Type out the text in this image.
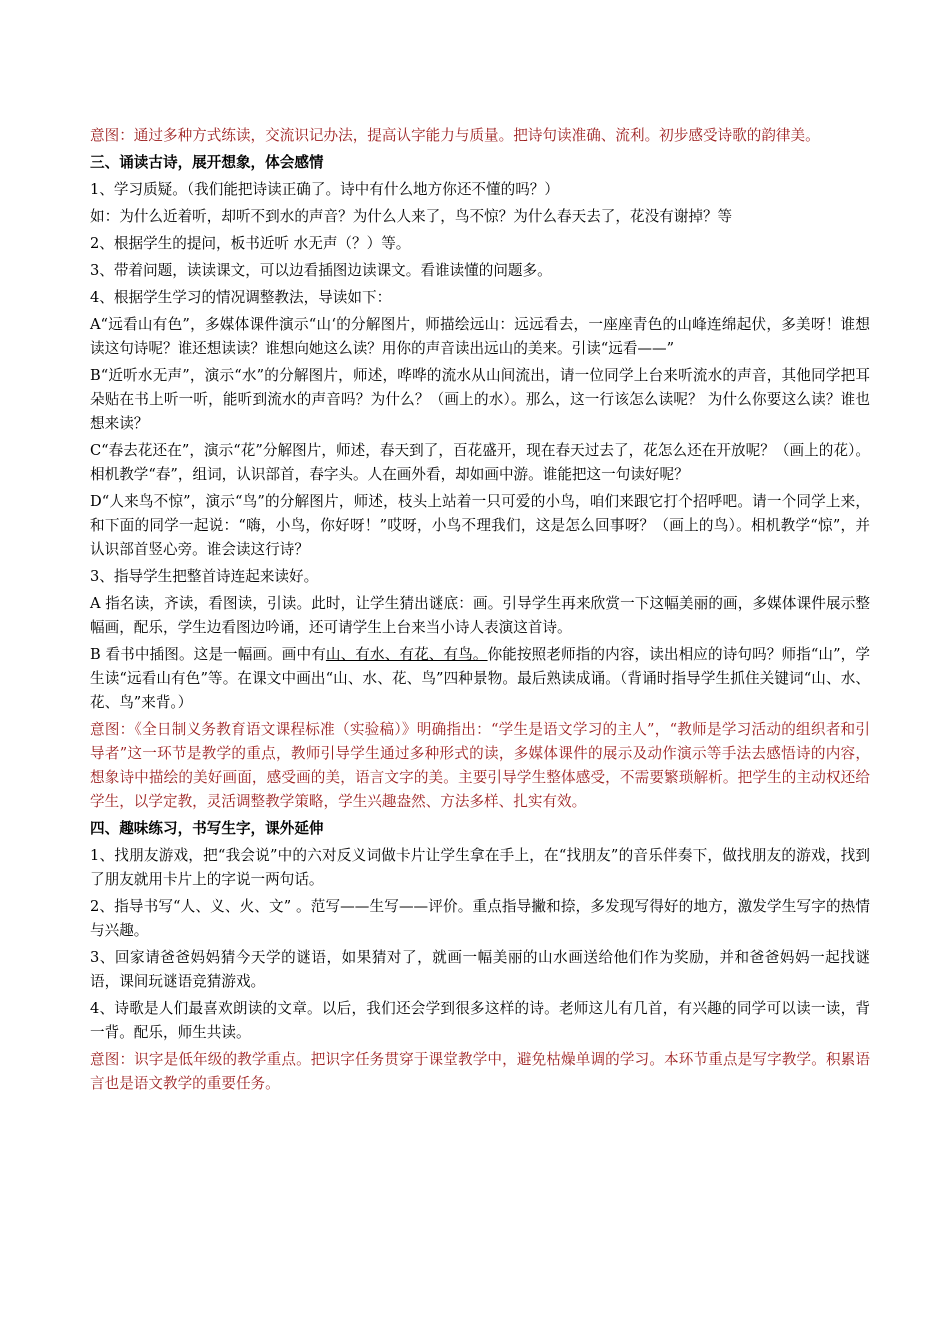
意图：通过多种方式练读，交流识记办法，提高认字能力与质量。把诗句读准确、流利。初步感受诗歌的韵律美。

三、诵读古诗，展开想象，体会感情

1、学习质疑。（我们能把诗读正确了。诗中有什么地方你还不懂的吗？）

如：为什么近着听，却听不到水的声音？为什么人来了，鸟不惊？为什么春天去了，花没有谢掉？等

2、根据学生的提问，板书近听 水无声（？）等。

3、带着问题，读读课文，可以边看插图边读课文。看谁读懂的问题多。

4、根据学生学习的情况调整教法，导读如下：

A“远看山有色”，多媒体课件演示“山‘的分解图片，师描绘远山：远远看去，一座座青色的山峰连绵起伏，多美呀！谁想读这句诗呢？谁还想读读？谁想向她这么读？用你的声音读出远山的美来。引读“远看——”

B“近听水无声”，演示“水”的分解图片，师述，哗哗的流水从山间流出，请一位同学上台来听流水的声音，其他同学把耳朵贴在书上听一听，能听到流水的声音吗？为什么？（画上的水）。那么，这一行该怎么读呢？ 为什么你要这么读？谁也想来读？

C“春去花还在”，演示“花”分解图片，师述，春天到了，百花盛开，现在春天过去了，花怎么还在开放呢？（画上的花）。相机教学“春”，组词，认识部首，春字头。人在画外看，却如画中游。谁能把这一句读好呢？

D“人来鸟不惊”，演示“鸟”的分解图片，师述，枝头上站着一只可爱的小鸟，咱们来跟它打个招呼吧。请一个同学上来，和下面的同学一起说：“嗨，小鸟，你好呀！”哎呀，小鸟不理我们，这是怎么回事呀？（画上的鸟）。相机教学“惊”，并认识部首竖心旁。谁会读这行诗？

3、指导学生把整首诗连起来读好。

A 指名读，齐读，看图读，引读。此时，让学生猜出谜底：画。引导学生再来欣赏一下这幅美丽的画，多媒体课件展示整幅画，配乐，学生边看图边吟诵，还可请学生上台来当小诗人表演这首诗。

B 看书中插图。这是一幅画。画中有山、有水、有花、有鸟。你能按照老师指的内容，读出相应的诗句吗？师指“山”，学生读“远看山有色”等。在课文中画出“山、水、花、鸟”四种景物。最后熟读成诵。（背诵时指导学生抓住关键词“山、水、花、鸟”来背。）

意图：《全日制义务教育语文课程标准（实验稿）》明确指出：“学生是语文学习的主人”，“教师是学习活动的组织者和引导者”这一环节是教学的重点，教师引导学生通过多种形式的读，多媒体课件的展示及动作演示等手法去感悟诗的内容，想象诗中描绘的美好画面，感受画的美，语言文字的美。主要引导学生整体感受，不需要繁琐解析。把学生的主动权还给学生，以学定教，灵活调整教学策略，学生兴趣盎然、方法多样、扎实有效。

四、趣味练习，书写生字，课外延伸

1、找朋友游戏，把“我会说”中的六对反义词做卡片让学生拿在手上，在“找朋友”的音乐伴奏下，做找朋友的游戏，找到了朋友就用卡片上的字说一两句话。

2、指导书写“人、义、火、文” 。范写——生写——评价。重点指导撇和捺，多发现写得好的地方，激发学生写字的热情与兴趣。

3、回家请爸爸妈妈猜今天学的谜语，如果猜对了，就画一幅美丽的山水画送给他们作为奖励，并和爸爸妈妈一起找谜语，课间玩谜语竞猜游戏。

4、诗歌是人们最喜欢朗读的文章。以后，我们还会学到很多这样的诗。老师这儿有几首，有兴趣的同学可以读一读，背一背。配乐，师生共读。

意图：识字是低年级的教学重点。把识字任务贯穿于课堂教学中，避免枯燥单调的学习。本环节重点是写字教学。积累语言也是语文教学的重要任务。
